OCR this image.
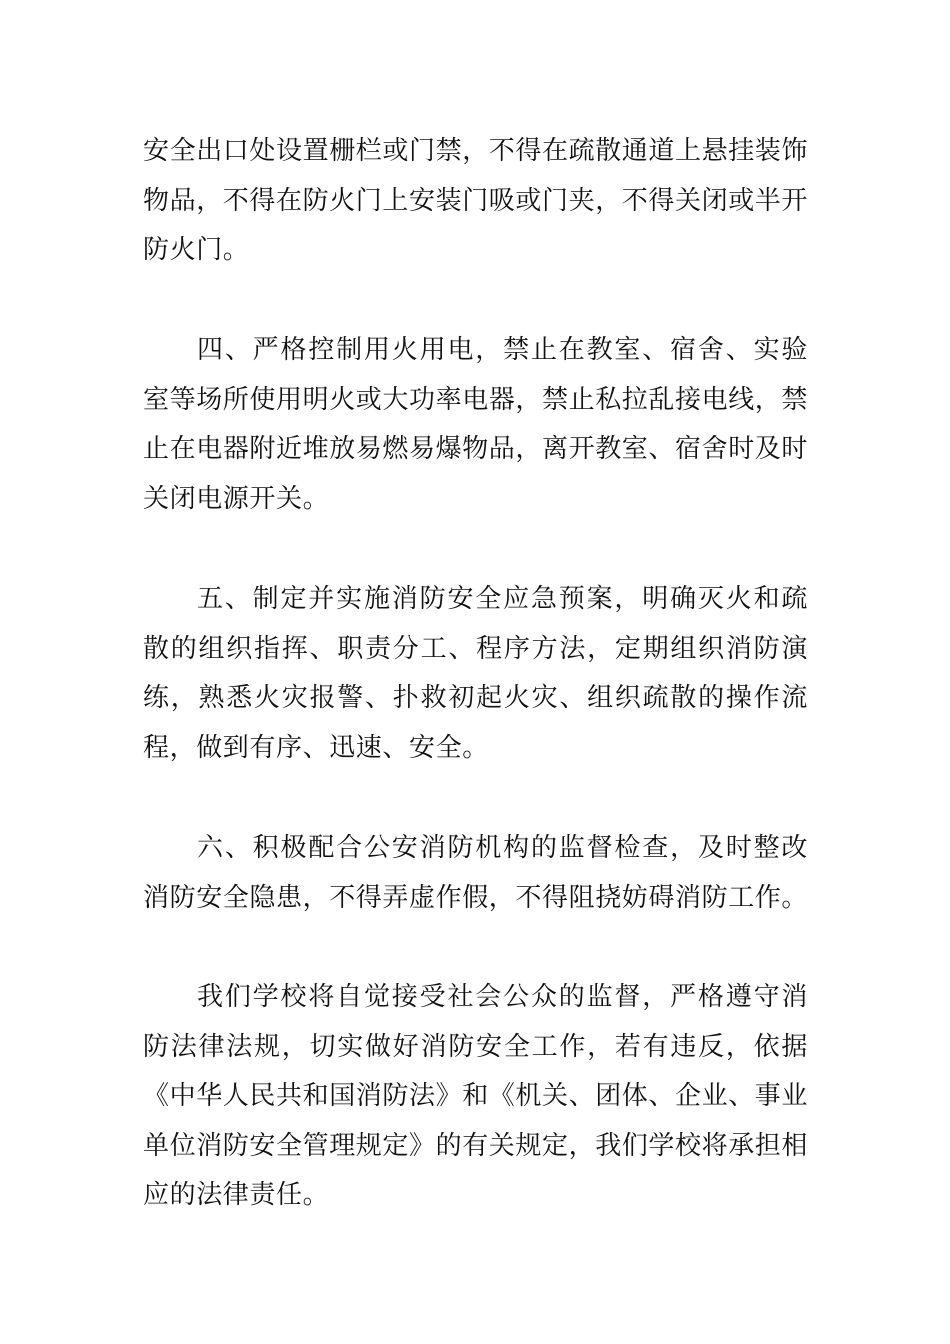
安全出口处设置栅栏或门禁，不得在疏散通道上悬挂装饰物品，不得在防火门上安装门吸或门夹，不得关闭或半开防火门。

四、严格控制用火用电，禁止在教室、宿舍、实验室等场所使用明火或大功率电器，禁止私拉乱接电线，禁止在电器附近堆放易燃易爆物品，离开教室、宿舍时及时关闭电源开关。

五、制定并实施消防安全应急预案，明确灭火和疏散的组织指挥、职责分工、程序方法，定期组织消防演练，熟悉火灾报警、扑救初起火灾、组织疏散的操作流程，做到有序、迅速、安全。

六、积极配合公安消防机构的监督检查，及时整改消防安全隐患，不得弄虚作假，不得阻挠妨碍消防工作。

我们学校将自觉接受社会公众的监督，严格遵守消防法律法规，切实做好消防安全工作，若有违反，依据《中华人民共和国消防法》和《机关、团体、企业、事业单位消防安全管理规定》的有关规定，我们学校将承担相应的法律责任。
